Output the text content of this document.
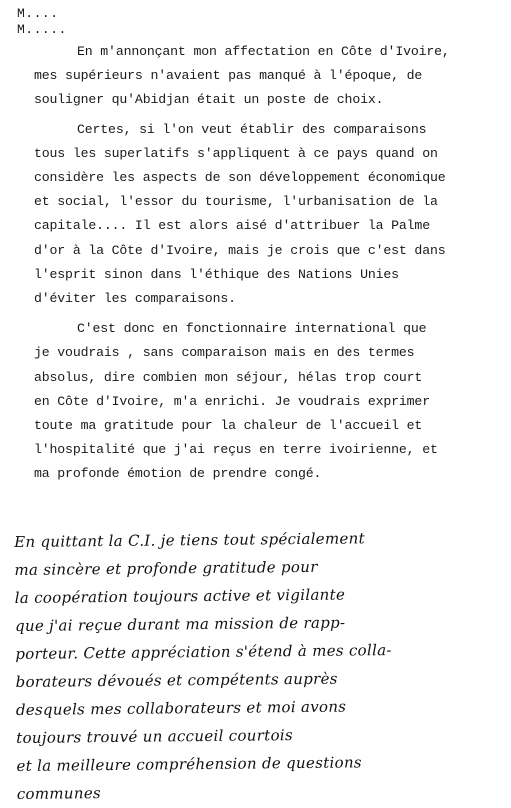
M....
M.....

En m'annonçant mon affectation en Côte d'Ivoire,
mes supérieurs n'avaient pas manqué à l'époque, de
souligner qu'Abidjan était un poste de choix.

Certes, si l'on veut établir des comparaisons
tous les superlatifs s'appliquent à ce pays quand on
considère les aspects de son développement économique
et social, l'essor du tourisme, l'urbanisation de la
capitale.... Il est alors aisé d'attribuer la Palme
d'or à la Côte d'Ivoire, mais je crois que c'est dans
l'esprit sinon dans l'éthique des Nations Unies
d'éviter les comparaisons.

C'est donc en fonctionnaire international que
je voudrais , sans comparaison mais en des termes
absolus, dire combien mon séjour, hélas trop court
en Côte d'Ivoire, m'a enrichi. Je voudrais exprimer
toute ma gratitude pour la chaleur de l'accueil et
l'hospitalité que j'ai reçus en terre ivoirienne, et
ma profonde émotion de prendre congé.

En quittant la C.I. je tiens tout spécialement
ma sincère et profonde gratitude pour
la coopération toujours active et vigilante
que j'ai reçue durant ma mission de rapp-
porteur. Cette appréciation s'étend à mes colla-
borateurs dévoués et compétents auprès
desquels mes collaborateurs et moi avons
toujours trouvé un accueil courtois
et la meilleure compréhension de questions
communes
